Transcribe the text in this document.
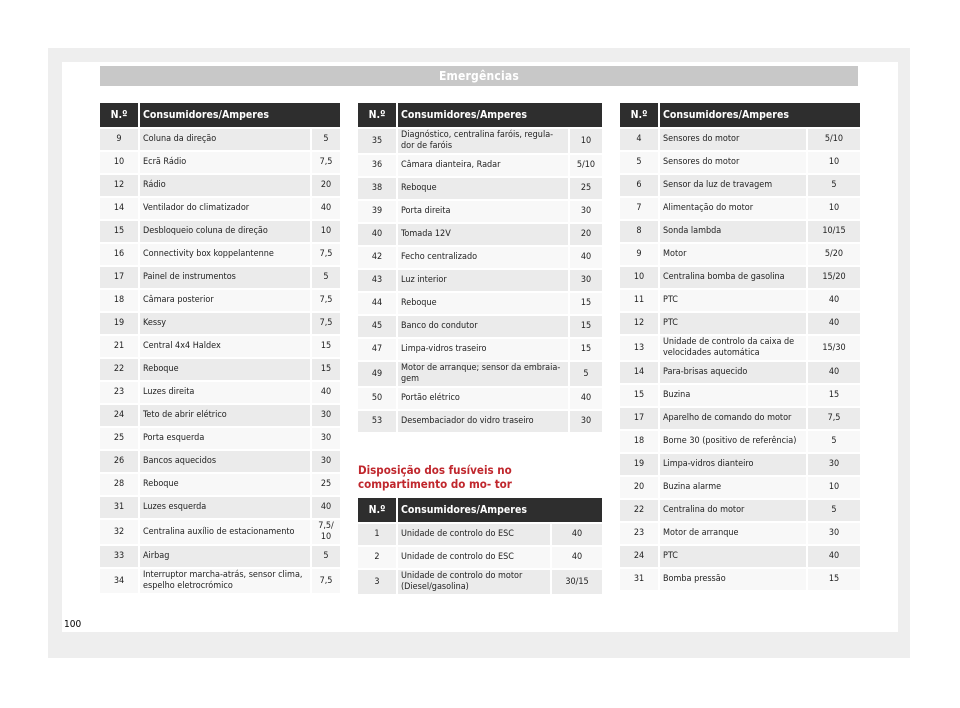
Emergências
N.º	Consumidores/Amperes	
9	Coluna da direção	5
10	Ecrã Rádio	7,5
12	Rádio	20
14	Ventilador do climatizador	40
15	Desbloqueio coluna de direção	10
16	Connectivity box koppelantenne	7,5
17	Painel de instrumentos	5
18	Câmara posterior	7,5
19	Kessy	7,5
21	Central 4x4 Haldex	15
22	Reboque	15
23	Luzes direita	40
24	Teto de abrir elétrico	30
25	Porta esquerda	30
26	Bancos aquecidos	30
28	Reboque	25
31	Luzes esquerda	40
32	Centralina auxílio de estacionamento	7,5/ 10
33	Airbag	5
34	Interruptor marcha-atrás, sensor clima, espelho eletrocrómico	7,5
N.º	Consumidores/Amperes	
35	Diagnóstico, centralina faróis, regula- dor de faróis	10
36	Câmara dianteira, Radar	5/10
38	Reboque	25
39	Porta direita	30
40	Tomada 12V	20
42	Fecho centralizado	40
43	Luz interior	30
44	Reboque	15
45	Banco do condutor	15
47	Limpa-vidros traseiro	15
49	Motor de arranque; sensor da embraia- gem	5
50	Portão elétrico	40
53	Desembaciador do vidro traseiro	30
Disposição dos fusíveis no compartimento do mo- tor
N.º	Consumidores/Amperes	
1	Unidade de controlo do ESC	40
2	Unidade de controlo do ESC	40
3	Unidade de controlo do motor (Diesel/gasolina)	30/15
N.º	Consumidores/Amperes	
4	Sensores do motor	5/10
5	Sensores do motor	10
6	Sensor da luz de travagem	5
7	Alimentação do motor	10
8	Sonda lambda	10/15
9	Motor	5/20
10	Centralina bomba de gasolina	15/20
11	PTC	40
12	PTC	40
13	Unidade de controlo da caixa de velocidades automática	15/30
14	Para-brisas aquecido	40
15	Buzina	15
17	Aparelho de comando do motor	7,5
18	Borne 30 (positivo de referência)	5
19	Limpa-vidros dianteiro	30
20	Buzina alarme	10
22	Centralina do motor	5
23	Motor de arranque	30
24	PTC	40
31	Bomba pressão	15
100
